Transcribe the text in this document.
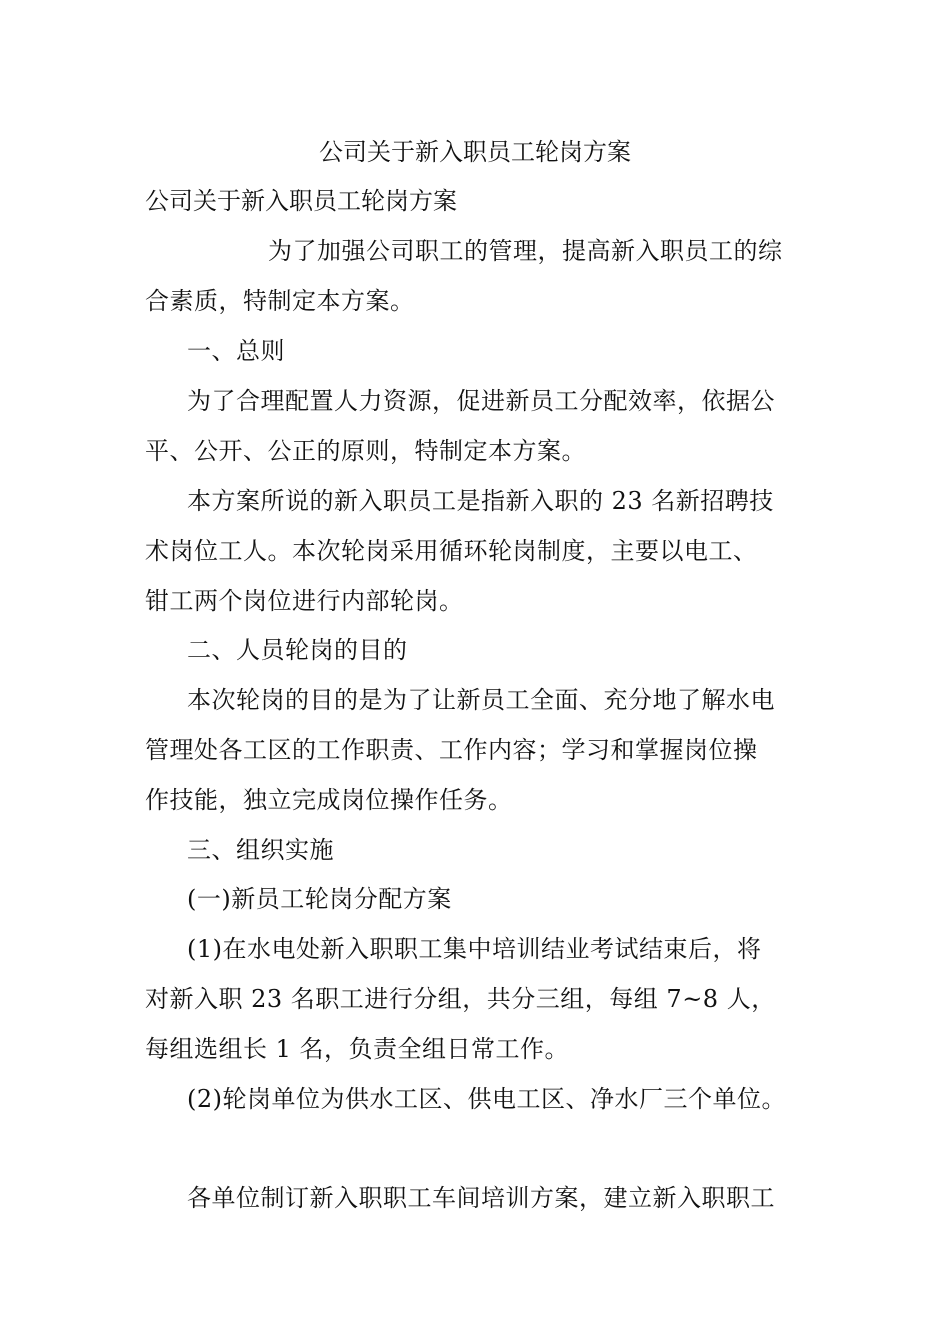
公司关于新入职员工轮岗方案
公司关于新入职员工轮岗方案
为了加强公司职工的管理，提高新入职员工的综
合素质，特制定本方案。
一、总则
为了合理配置人力资源，促进新员工分配效率，依据公
平、公开、公正的原则，特制定本方案。
本方案所说的新入职员工是指新入职的 23 名新招聘技
术岗位工人。本次轮岗采用循环轮岗制度，主要以电工、
钳工两个岗位进行内部轮岗。
二、人员轮岗的目的
本次轮岗的目的是为了让新员工全面、充分地了解水电
管理处各工区的工作职责、工作内容；学习和掌握岗位操
作技能，独立完成岗位操作任务。
三、组织实施
(一)新员工轮岗分配方案
(1)在水电处新入职职工集中培训结业考试结束后，将
对新入职 23 名职工进行分组，共分三组，每组 7~8 人，
每组选组长 1 名，负责全组日常工作。
(2)轮岗单位为供水工区、供电工区、净水厂三个单位。
各单位制订新入职职工车间培训方案，建立新入职职工
